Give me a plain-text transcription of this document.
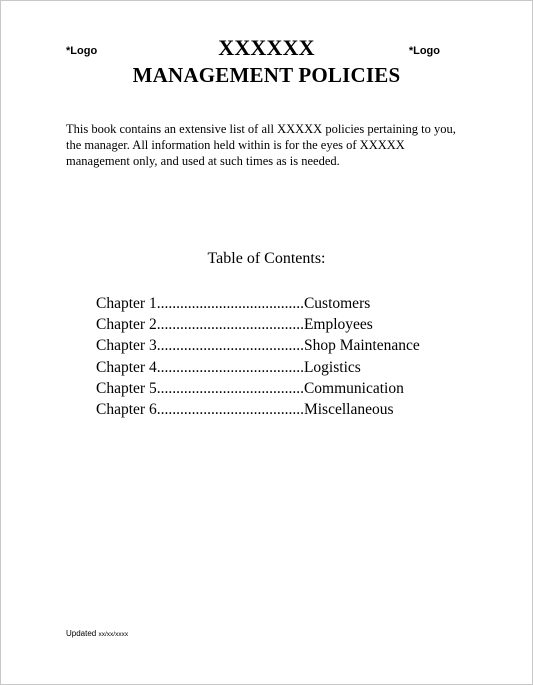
*Logo	*Logo
XXXXXX
MANAGEMENT POLICIES

This book contains an extensive list of all XXXXX policies pertaining to you, the manager. All information held within is for the eyes of XXXXX management only, and used at such times as is needed.

Table of Contents:
Chapter 1......................................Customers
Chapter 2......................................Employees
Chapter 3......................................Shop Maintenance
Chapter 4......................................Logistics
Chapter 5......................................Communication
Chapter 6......................................Miscellaneous
Updated xx/xx/xxxx
